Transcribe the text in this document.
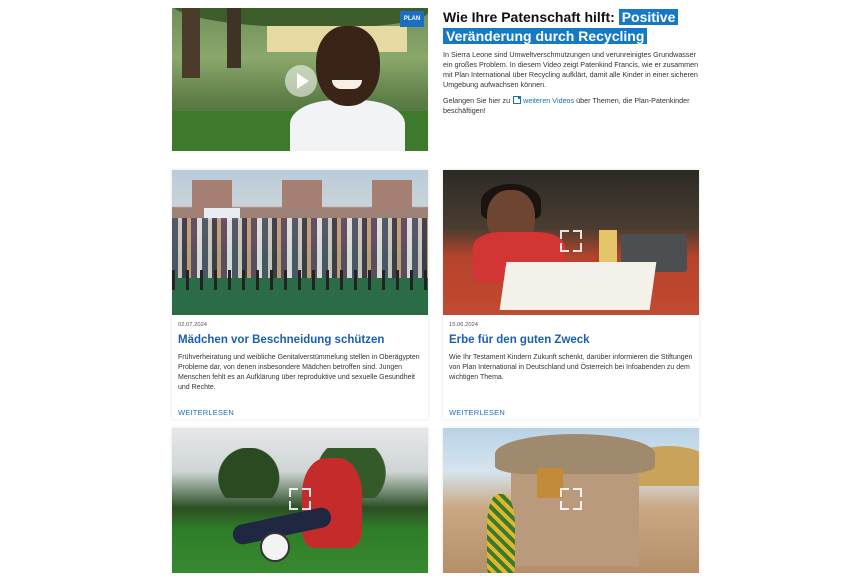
PLAN Wie Ihre Patenschaft hilft: Positive Veränderung durch Recycling

In Sierra Leone sind Umweltverschmutzungen und verunreinigtes Grundwasser ein großes Problem. In diesem Video zeigt Patenkind Francis, wie er zusammen mit Plan International über Recycling aufklärt, damit alle Kinder in einer sicheren Umgebung aufwachsen können.

Gelangen Sie hier zu weiteren Videos über Themen, die Plan-Patenkinder beschäftigen!

02.07.2024

Mädchen vor Beschneidung schützen

Frühverheiratung und weibliche Genitalverstümmelung stellen in Oberägypten Probleme dar, von denen insbesondere Mädchen betroffen sind. Jungen Menschen fehlt es an Aufklärung über reproduktive und sexuelle Gesundheit und Rechte.

WEITERLESEN

15.06.2024

Erbe für den guten Zweck

Wie Ihr Testament Kindern Zukunft schenkt, darüber informieren die Stiftungen von Plan International in Deutschland und Österreich bei Infoabenden zu dem wichtigen Thema.

WEITERLESEN
